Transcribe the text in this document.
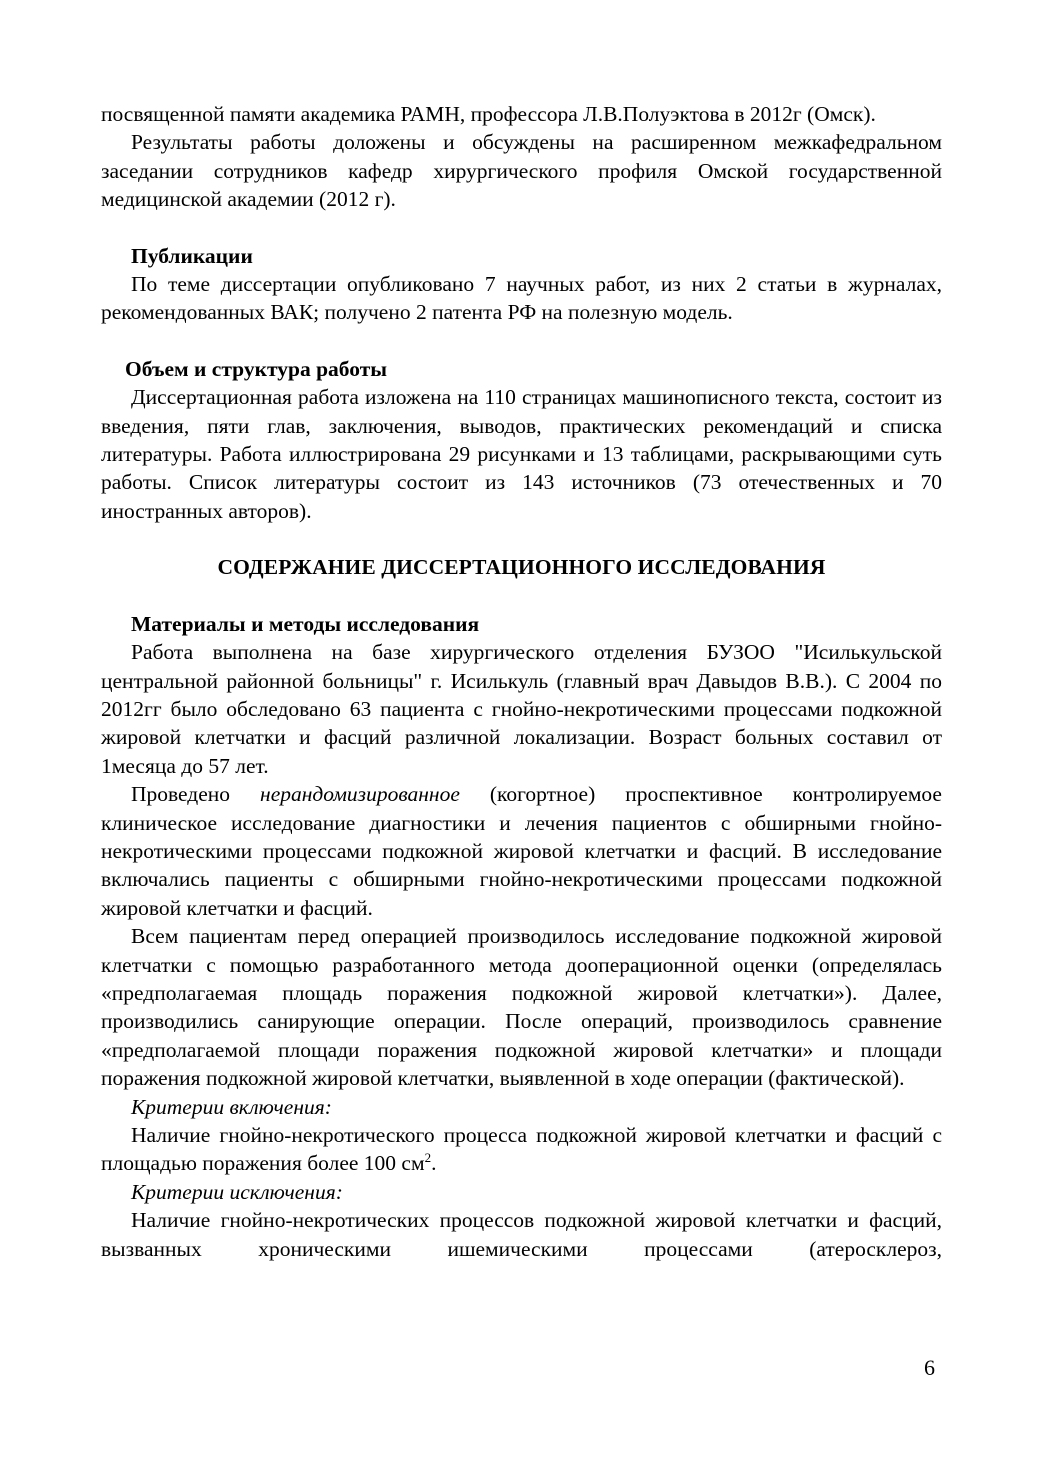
посвященной памяти академика РАМН, профессора Л.В.Полуэктова в 2012г (Омск).

Результаты работы доложены и обсуждены на расширенном межкафедральном заседании сотрудников кафедр хирургического профиля Омской государственной медицинской академии (2012 г).

Публикации

По теме диссертации опубликовано 7 научных работ, из них 2 статьи в журналах, рекомендованных ВАК; получено 2 патента РФ на полезную модель.

Объем и структура работы

Диссертационная работа изложена на 110 страницах машинописного текста, состоит из введения, пяти глав, заключения, выводов, практических рекомендаций и списка литературы. Работа иллюстрирована 29 рисунками и 13 таблицами, раскрывающими суть работы. Список литературы состоит из 143 источников (73 отечественных и 70 иностранных авторов).

СОДЕРЖАНИЕ ДИССЕРТАЦИОННОГО ИССЛЕДОВАНИЯ

Материалы и методы исследования

Работа выполнена на базе хирургического отделения БУЗОО "Исилькульской центральной районной больницы" г. Исилькуль (главный врач Давыдов В.В.). С 2004 по 2012гг было обследовано 63 пациента с гнойно-некротическими процессами подкожной жировой клетчатки и фасций различной локализации. Возраст больных составил от 1месяца до 57 лет.

Проведено нерандомизированное (когортное) проспективное контролируемое клиническое исследование диагностики и лечения пациентов с обширными гнойно-некротическими процессами подкожной жировой клетчатки и фасций. В исследование включались пациенты с обширными гнойно-некротическими процессами подкожной жировой клетчатки и фасций.

Всем пациентам перед операцией производилось исследование подкожной жировой клетчатки с помощью разработанного метода дооперационной оценки (определялась «предполагаемая площадь поражения подкожной жировой клетчатки»). Далее, производились санирующие операции. После операций, производилось сравнение «предполагаемой площади поражения подкожной жировой клетчатки» и площади поражения подкожной жировой клетчатки, выявленной в ходе операции (фактической).

Критерии включения:

Наличие гнойно-некротического процесса подкожной жировой клетчатки и фасций с площадью поражения более 100 $см^2$.

Критерии исключения:

Наличие гнойно-некротических процессов подкожной жировой клетчатки и фасций, вызванных хроническими ишемическими процессами (атеросклероз,

6
